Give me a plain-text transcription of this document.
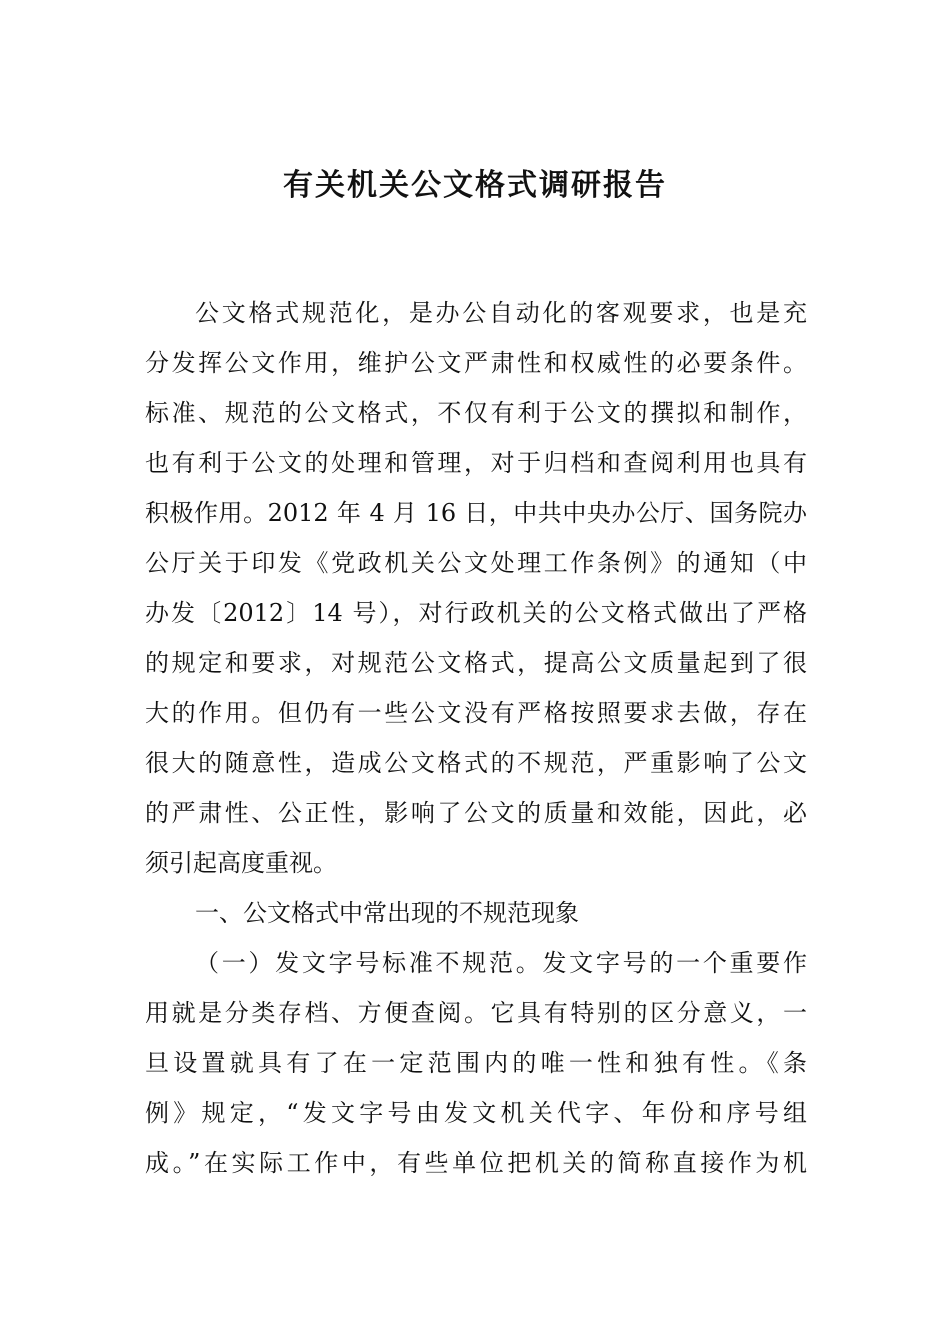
有关机关公文格式调研报告
公文格式规范化，是办公自动化的客观要求，也是充
分发挥公文作用，维护公文严肃性和权威性的必要条件。
标准、规范的公文格式，不仅有利于公文的撰拟和制作，
也有利于公文的处理和管理，对于归档和查阅利用也具有
积极作用。2012 年 4 月 16 日，中共中央办公厅、国务院办
公厅关于印发《党政机关公文处理工作条例》的通知（中
办发〔2012〕14 号），对行政机关的公文格式做出了严格
的规定和要求，对规范公文格式，提高公文质量起到了很
大的作用。但仍有一些公文没有严格按照要求去做，存在
很大的随意性，造成公文格式的不规范，严重影响了公文
的严肃性、公正性，影响了公文的质量和效能，因此，必
须引起高度重视。
一、公文格式中常出现的不规范现象
（一）发文字号标准不规范。发文字号的一个重要作
用就是分类存档、方便查阅。它具有特别的区分意义，一
旦设置就具有了在一定范围内的唯一性和独有性。《条
例》规定，“发文字号由发文机关代字、年份和序号组
成。”在实际工作中，有些单位把机关的简称直接作为机
